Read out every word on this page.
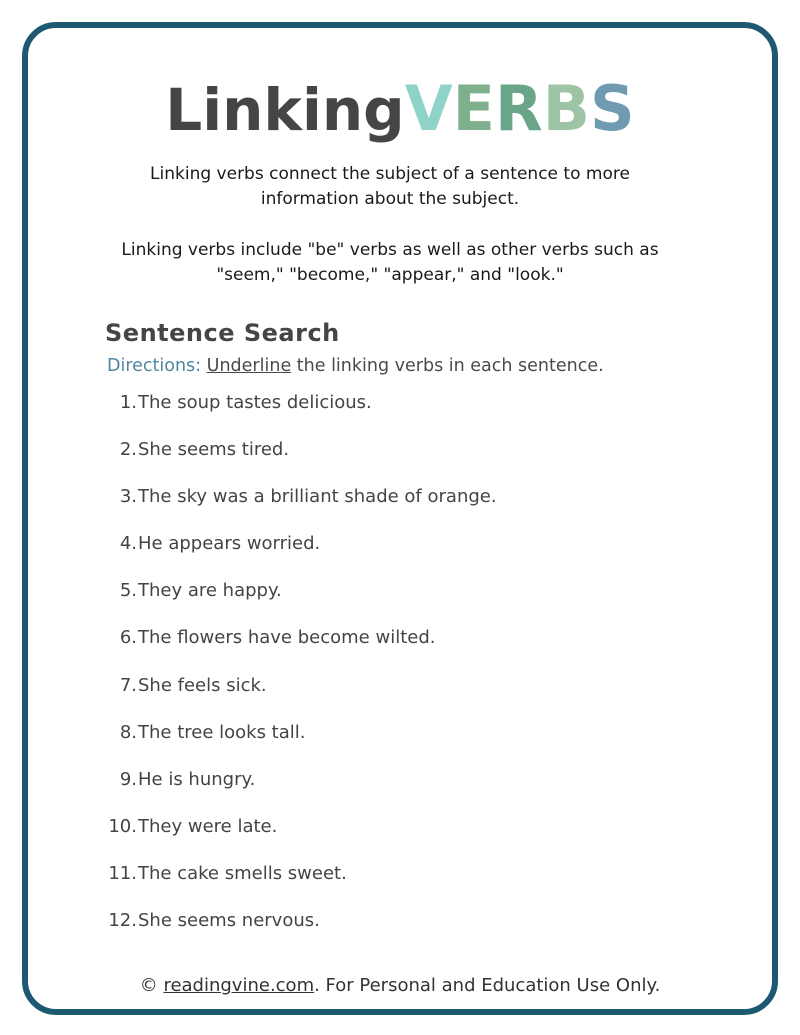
LinkingVERBS
Linking verbs connect the subject of a sentence to more information about the subject.
Linking verbs include "be" verbs as well as other verbs such as "seem," "become," "appear," and "look."
Sentence Search
Directions: Underline the linking verbs in each sentence.
1. The soup tastes delicious.
2. She seems tired.
3. The sky was a brilliant shade of orange.
4. He appears worried.
5. They are happy.
6. The flowers have become wilted.
7. She feels sick.
8. The tree looks tall.
9. He is hungry.
10. They were late.
11. The cake smells sweet.
12. She seems nervous.
© readingvine.com. For Personal and Education Use Only.
